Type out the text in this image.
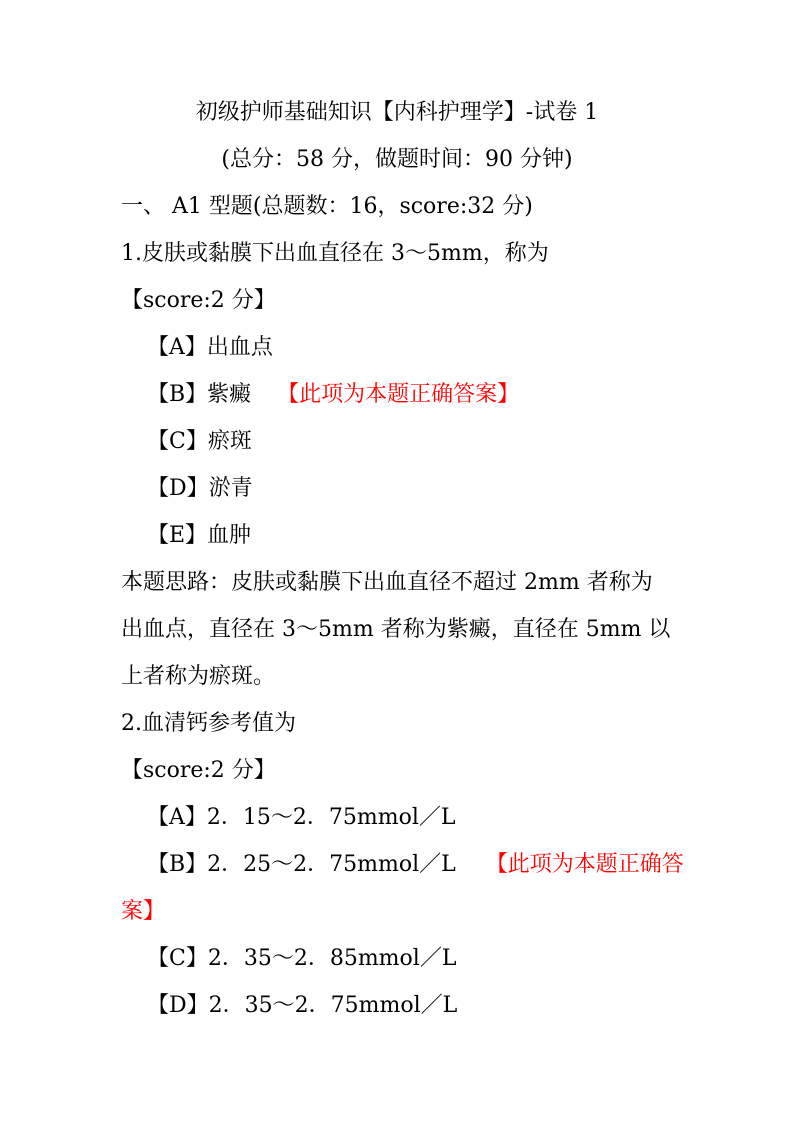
初级护师基础知识【内科护理学】-试卷 1
(总分：58 分，做题时间：90 分钟)
一、 A1 型题(总题数：16，score:32 分)
1.皮肤或黏膜下出血直径在 3～5mm，称为
【score:2 分】
【A】出血点
【B】紫癜 【此项为本题正确答案】
【C】瘀斑
【D】淤青
【E】血肿
本题思路：皮肤或黏膜下出血直径不超过 2mm 者称为
出血点，直径在 3～5mm 者称为紫癜，直径在 5mm 以
上者称为瘀斑。
2.血清钙参考值为
【score:2 分】
【A】2．15～2．75mmol／L
【B】2．25～2．75mmol／L 【此项为本题正确答
案】
【C】2．35～2．85mmol／L
【D】2．35～2．75mmol／L
